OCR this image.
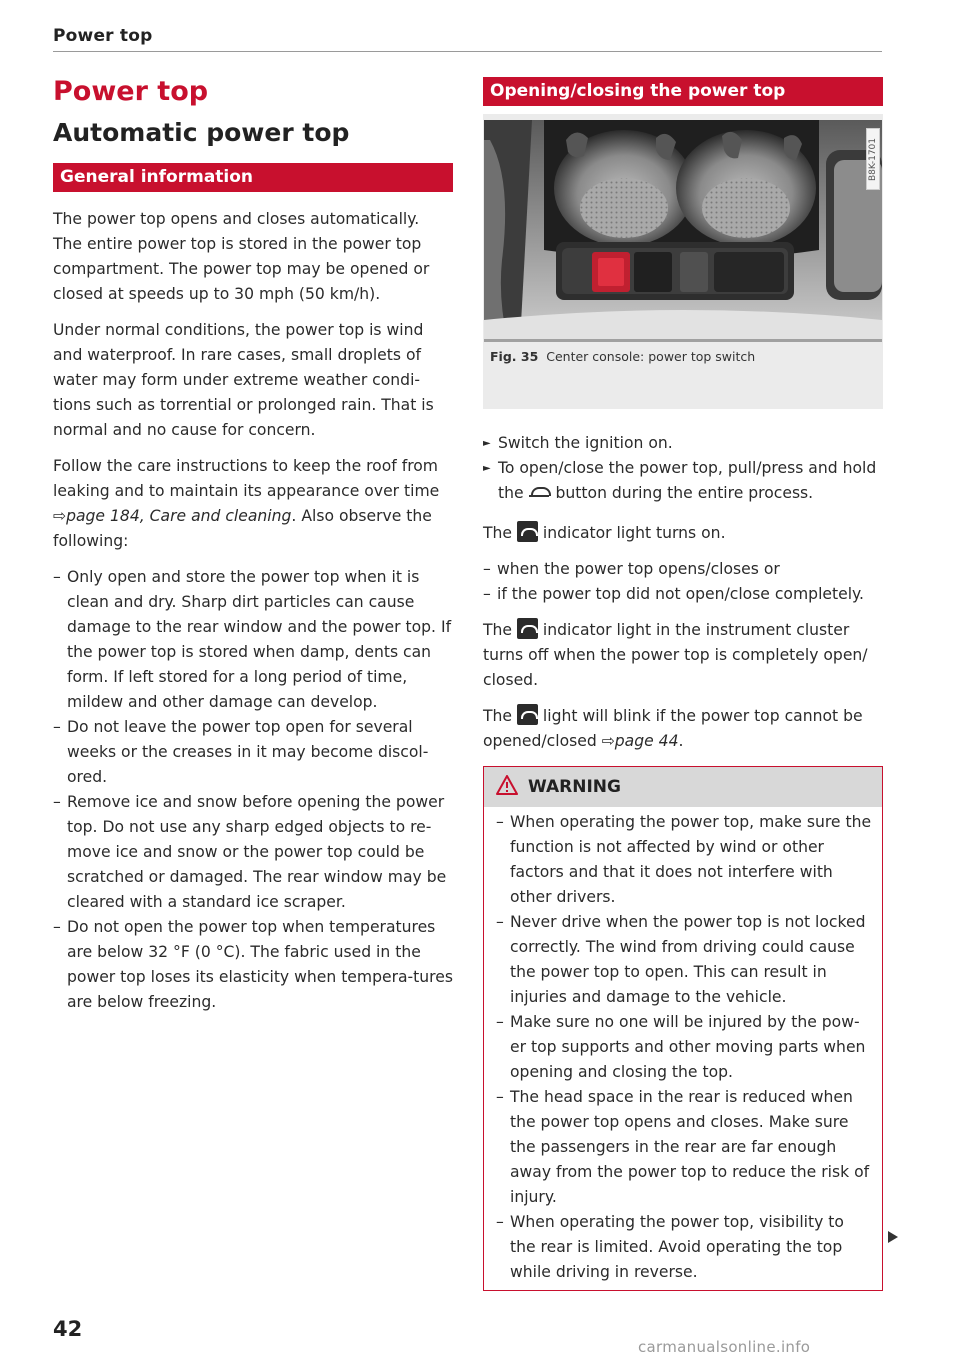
Power top
Power top
Automatic power top
General information
The power top opens and closes automatically. The entire power top is stored in the power top compartment. The power top may be opened or closed at speeds up to 30 mph (50 km/h).
Under normal conditions, the power top is wind and waterproof. In rare cases, small droplets of water may form under extreme weather condi-tions such as torrential or prolonged rain. That is normal and no cause for concern.
Follow the care instructions to keep the roof from leaking and to maintain its appearance over time ⇨page 184, Care and cleaning. Also observe the following:
– Only open and store the power top when it is clean and dry. Sharp dirt particles can cause damage to the rear window and the power top. If the power top is stored when damp, dents can form. If left stored for a long period of time, mildew and other damage can develop.
– Do not leave the power top open for several weeks or the creases in it may become discol-ored.
– Remove ice and snow before opening the power top. Do not use any sharp edged objects to re-move ice and snow or the power top could be scratched or damaged. The rear window may be cleared with a standard ice scraper.
– Do not open the power top when temperatures are below 32 °F (0 °C). The fabric used in the power top loses its elasticity when tempera-tures are below freezing.
Opening/closing the power top
B8K-1701
Fig. 35 Center console: power top switch
► Switch the ignition on.
► To open/close the power top, pull/press and hold the  button during the entire process.
The  indicator light turns on.
– when the power top opens/closes or
– if the power top did not open/close completely.
The  indicator light in the instrument cluster turns off when the power top is completely open/ closed.
The  light will blink if the power top cannot be opened/closed ⇨page 44.
WARNING
– When operating the power top, make sure the function is not affected by wind or other factors and that it does not interfere with other drivers.
– Never drive when the power top is not locked correctly. The wind from driving could cause the power top to open. This can result in injuries and damage to the vehicle.
– Make sure no one will be injured by the pow-er top supports and other moving parts when opening and closing the top.
– The head space in the rear is reduced when the power top opens and closes. Make sure the passengers in the rear are far enough away from the power top to reduce the risk of injury.
– When operating the power top, visibility to the rear is limited. Avoid operating the top while driving in reverse.
42
carmanualsonline.info
